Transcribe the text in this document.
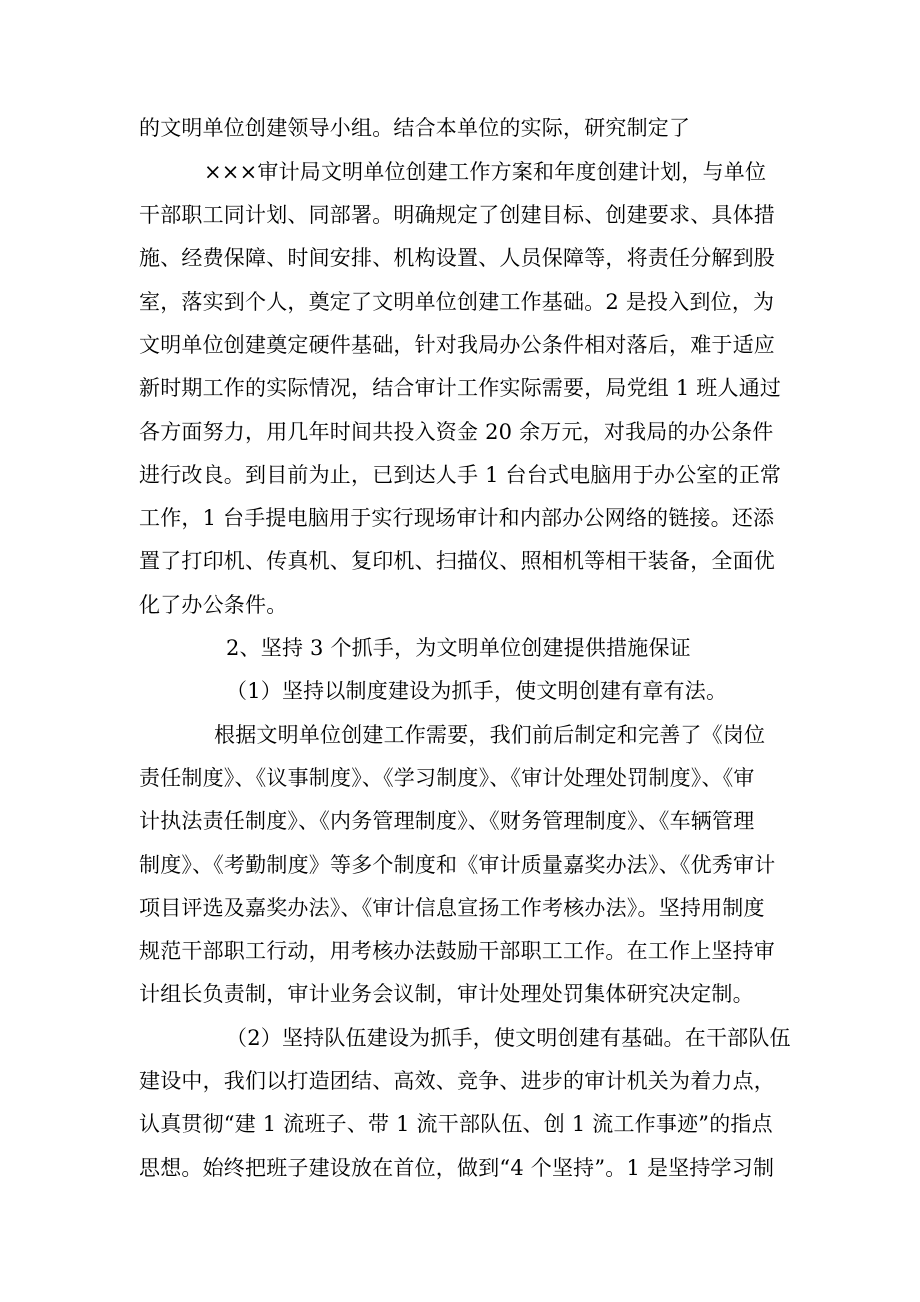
的文明单位创建领导小组。结合本单位的实际，研究制定了
×××审计局文明单位创建工作方案和年度创建计划，与单位
干部职工同计划、同部署。明确规定了创建目标、创建要求、具体措
施、经费保障、时间安排、机构设置、人员保障等，将责任分解到股
室，落实到个人，奠定了文明单位创建工作基础。2 是投入到位，为
文明单位创建奠定硬件基础，针对我局办公条件相对落后，难于适应
新时期工作的实际情况，结合审计工作实际需要，局党组 1 班人通过
各方面努力，用几年时间共投入资金 20 余万元，对我局的办公条件
进行改良。到目前为止，已到达人手 1 台台式电脑用于办公室的正常
工作，1 台手提电脑用于实行现场审计和内部办公网络的链接。还添
置了打印机、传真机、复印机、扫描仪、照相机等相干装备，全面优
化了办公条件。
2、坚持 3 个抓手，为文明单位创建提供措施保证
（1）坚持以制度建设为抓手，使文明创建有章有法。
根据文明单位创建工作需要，我们前后制定和完善了《岗位
责任制度》、《议事制度》、《学习制度》、《审计处理处罚制度》、《审
计执法责任制度》、《内务管理制度》、《财务管理制度》、《车辆管理
制度》、《考勤制度》等多个制度和《审计质量嘉奖办法》、《优秀审计
项目评选及嘉奖办法》、《审计信息宣扬工作考核办法》。坚持用制度
规范干部职工行动，用考核办法鼓励干部职工工作。在工作上坚持审
计组长负责制，审计业务会议制，审计处理处罚集体研究决定制。
（2）坚持队伍建设为抓手，使文明创建有基础。在干部队伍
建设中，我们以打造团结、高效、竞争、进步的审计机关为着力点，
认真贯彻“建 1 流班子、带 1 流干部队伍、创 1 流工作事迹”的指点
思想。始终把班子建设放在首位，做到“4 个坚持”。1 是坚持学习制
